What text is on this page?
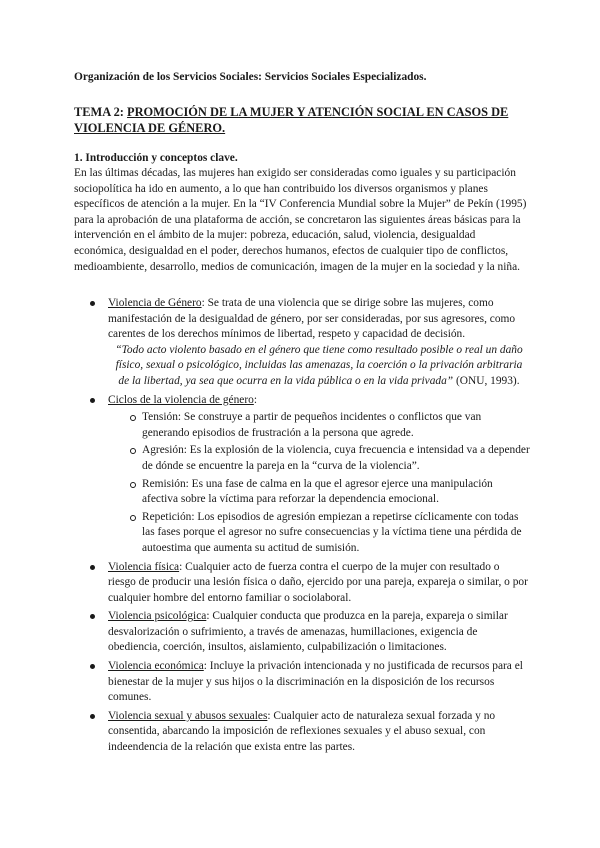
Organización de los Servicios Sociales: Servicios Sociales Especializados.

TEMA 2: PROMOCIÓN DE LA MUJER Y ATENCIÓN SOCIAL EN CASOS DE VIOLENCIA DE GÉNERO.

1. Introducción y conceptos clave.

En las últimas décadas, las mujeres han exigido ser consideradas como iguales y su participación sociopolítica ha ido en aumento, a lo que han contribuido los diversos organismos y planes específicos de atención a la mujer. En la “IV Conferencia Mundial sobre la Mujer” de Pekín (1995) para la aprobación de una plataforma de acción, se concretaron las siguientes áreas básicas para la intervención en el ámbito de la mujer: pobreza, educación, salud, violencia, desigualdad económica, desigualdad en el poder, derechos humanos, efectos de cualquier tipo de conflictos, medioambiente, desarrollo, medios de comunicación, imagen de la mujer en la sociedad y la niña.

Violencia de Género: Se trata de una violencia que se dirige sobre las mujeres, como manifestación de la desigualdad de género, por ser consideradas, por sus agresores, como carentes de los derechos mínimos de libertad, respeto y capacidad de decisión.

“Todo acto violento basado en el género que tiene como resultado posible o real un daño físico, sexual o psicológico, incluidas las amenazas, la coerción o la privación arbitraria de la libertad, ya sea que ocurra en la vida pública o en la vida privada” (ONU, 1993).

Ciclos de la violencia de género:
Tensión: Se construye a partir de pequeños incidentes o conflictos que van generando episodios de frustración a la persona que agrede.
Agresión: Es la explosión de la violencia, cuya frecuencia e intensidad va a depender de dónde se encuentre la pareja en la “curva de la violencia”.
Remisión: Es una fase de calma en la que el agresor ejerce una manipulación afectiva sobre la víctima para reforzar la dependencia emocional.
Repetición: Los episodios de agresión empiezan a repetirse cíclicamente con todas las fases porque el agresor no sufre consecuencias y la víctima tiene una pérdida de autoestima que aumenta su actitud de sumisión.
Violencia física: Cualquier acto de fuerza contra el cuerpo de la mujer con resultado o riesgo de producir una lesión física o daño, ejercido por una pareja, expareja o similar, o por cualquier hombre del entorno familiar o sociolaboral.
Violencia psicológica: Cualquier conducta que produzca en la pareja, expareja o similar desvalorización o sufrimiento, a través de amenazas, humillaciones, exigencia de obediencia, coerción, insultos, aislamiento, culpabilización o limitaciones.
Violencia económica: Incluye la privación intencionada y no justificada de recursos para el bienestar de la mujer y sus hijos o la discriminación en la disposición de los recursos comunes.
Violencia sexual y abusos sexuales: Cualquier acto de naturaleza sexual forzada y no consentida, abarcando la imposición de reflexiones sexuales y el abuso sexual, con indeendencia de la relación que exista entre las partes.
